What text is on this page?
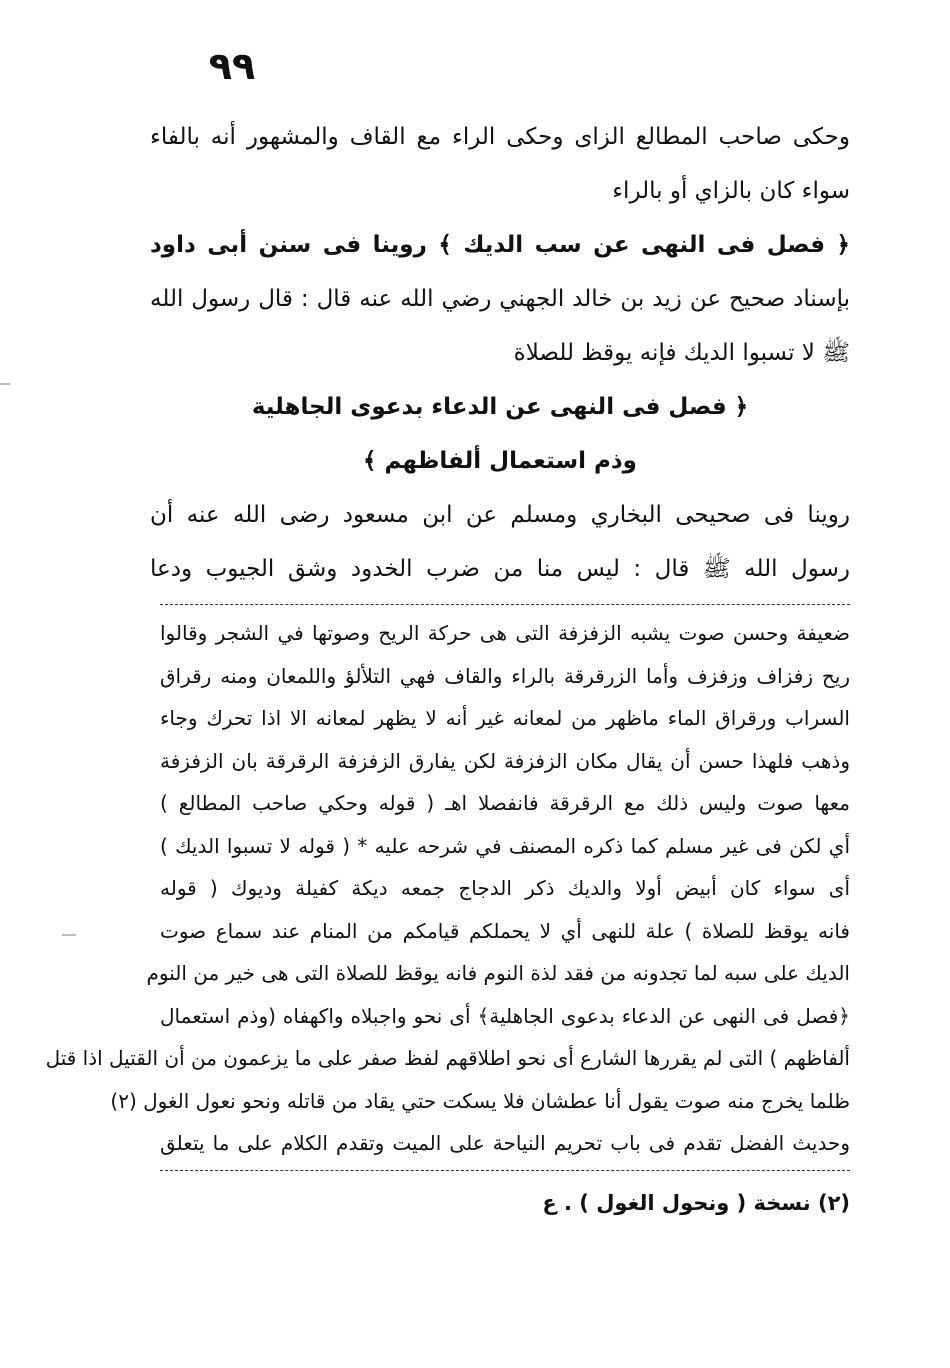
٩٩
وحكى صاحب المطالع الزاى وحكى الراء مع القاف والمشهور أنه بالفاء
سواء كان بالزاي أو بالراء
﴿ فصل فى النهى عن سب الديك ﴾ روينا فى سنن أبى داود
بإسناد صحيح عن زيد بن خالد الجهني رضي الله عنه قال : قال رسول الله
ﷺ لا تسبوا الديك فإنه يوقظ للصلاة
﴿ فصل فى النهى عن الدعاء بدعوى الجاهلية
وذم استعمال ألفاظهم ﴾
روينا فى صحيحى البخاري ومسلم عن ابن مسعود رضى الله عنه أن
رسول الله ﷺ قال : ليس منا من ضرب الخدود وشق الجيوب ودعا
ضعيفة وحسن صوت يشبه الزفزفة التى هى حركة الريح وصوتها في الشجر وقالوا
ريح زفزاف وزفزف وأما الزرقرقة بالراء والقاف فهي التلألؤ واللمعان ومنه رقراق
السراب ورقراق الماء ماظهر من لمعانه غير أنه لا يظهر لمعانه الا اذا تحرك وجاء
وذهب فلهذا حسن أن يقال مكان الزفزفة لكن يفارق الزفزفة الرقرقة بان الزفزفة
معها صوت وليس ذلك مع الرقرقة فانفصلا اهـ ( قوله وحكي صاحب المطالع )
أي لكن فى غير مسلم كما ذكره المصنف في شرحه عليه * ( قوله لا تسبوا الديك )
أى سواء كان أبيض أولا والديك ذكر الدجاج جمعه ديكة كفيلة وديوك ( قوله
فانه يوقظ للصلاة ) علة للنهى أي لا يحملكم قيامكم من المنام عند سماع صوت
الديك على سبه لما تجدونه من فقد لذة النوم فانه يوقظ للصلاة التى هى خير من النوم
﴿فصل فى النهى عن الدعاء بدعوى الجاهلية﴾ أى نحو واجبلاه واكهفاه (وذم استعمال
ألفاظهم ) التى لم يقررها الشارع أى نحو اطلاقهم لفظ صفر على ما يزعمون من أن القتيل اذا قتل
ظلما يخرج منه صوت يقول أنا عطشان فلا يسكت حتي يقاد من قاتله ونحو نعول الغول (٢)
وحديث الفضل تقدم فى باب تحريم النياحة على الميت وتقدم الكلام على ما يتعلق
(٢) نسخة ( ونحول الغول ) . ع
